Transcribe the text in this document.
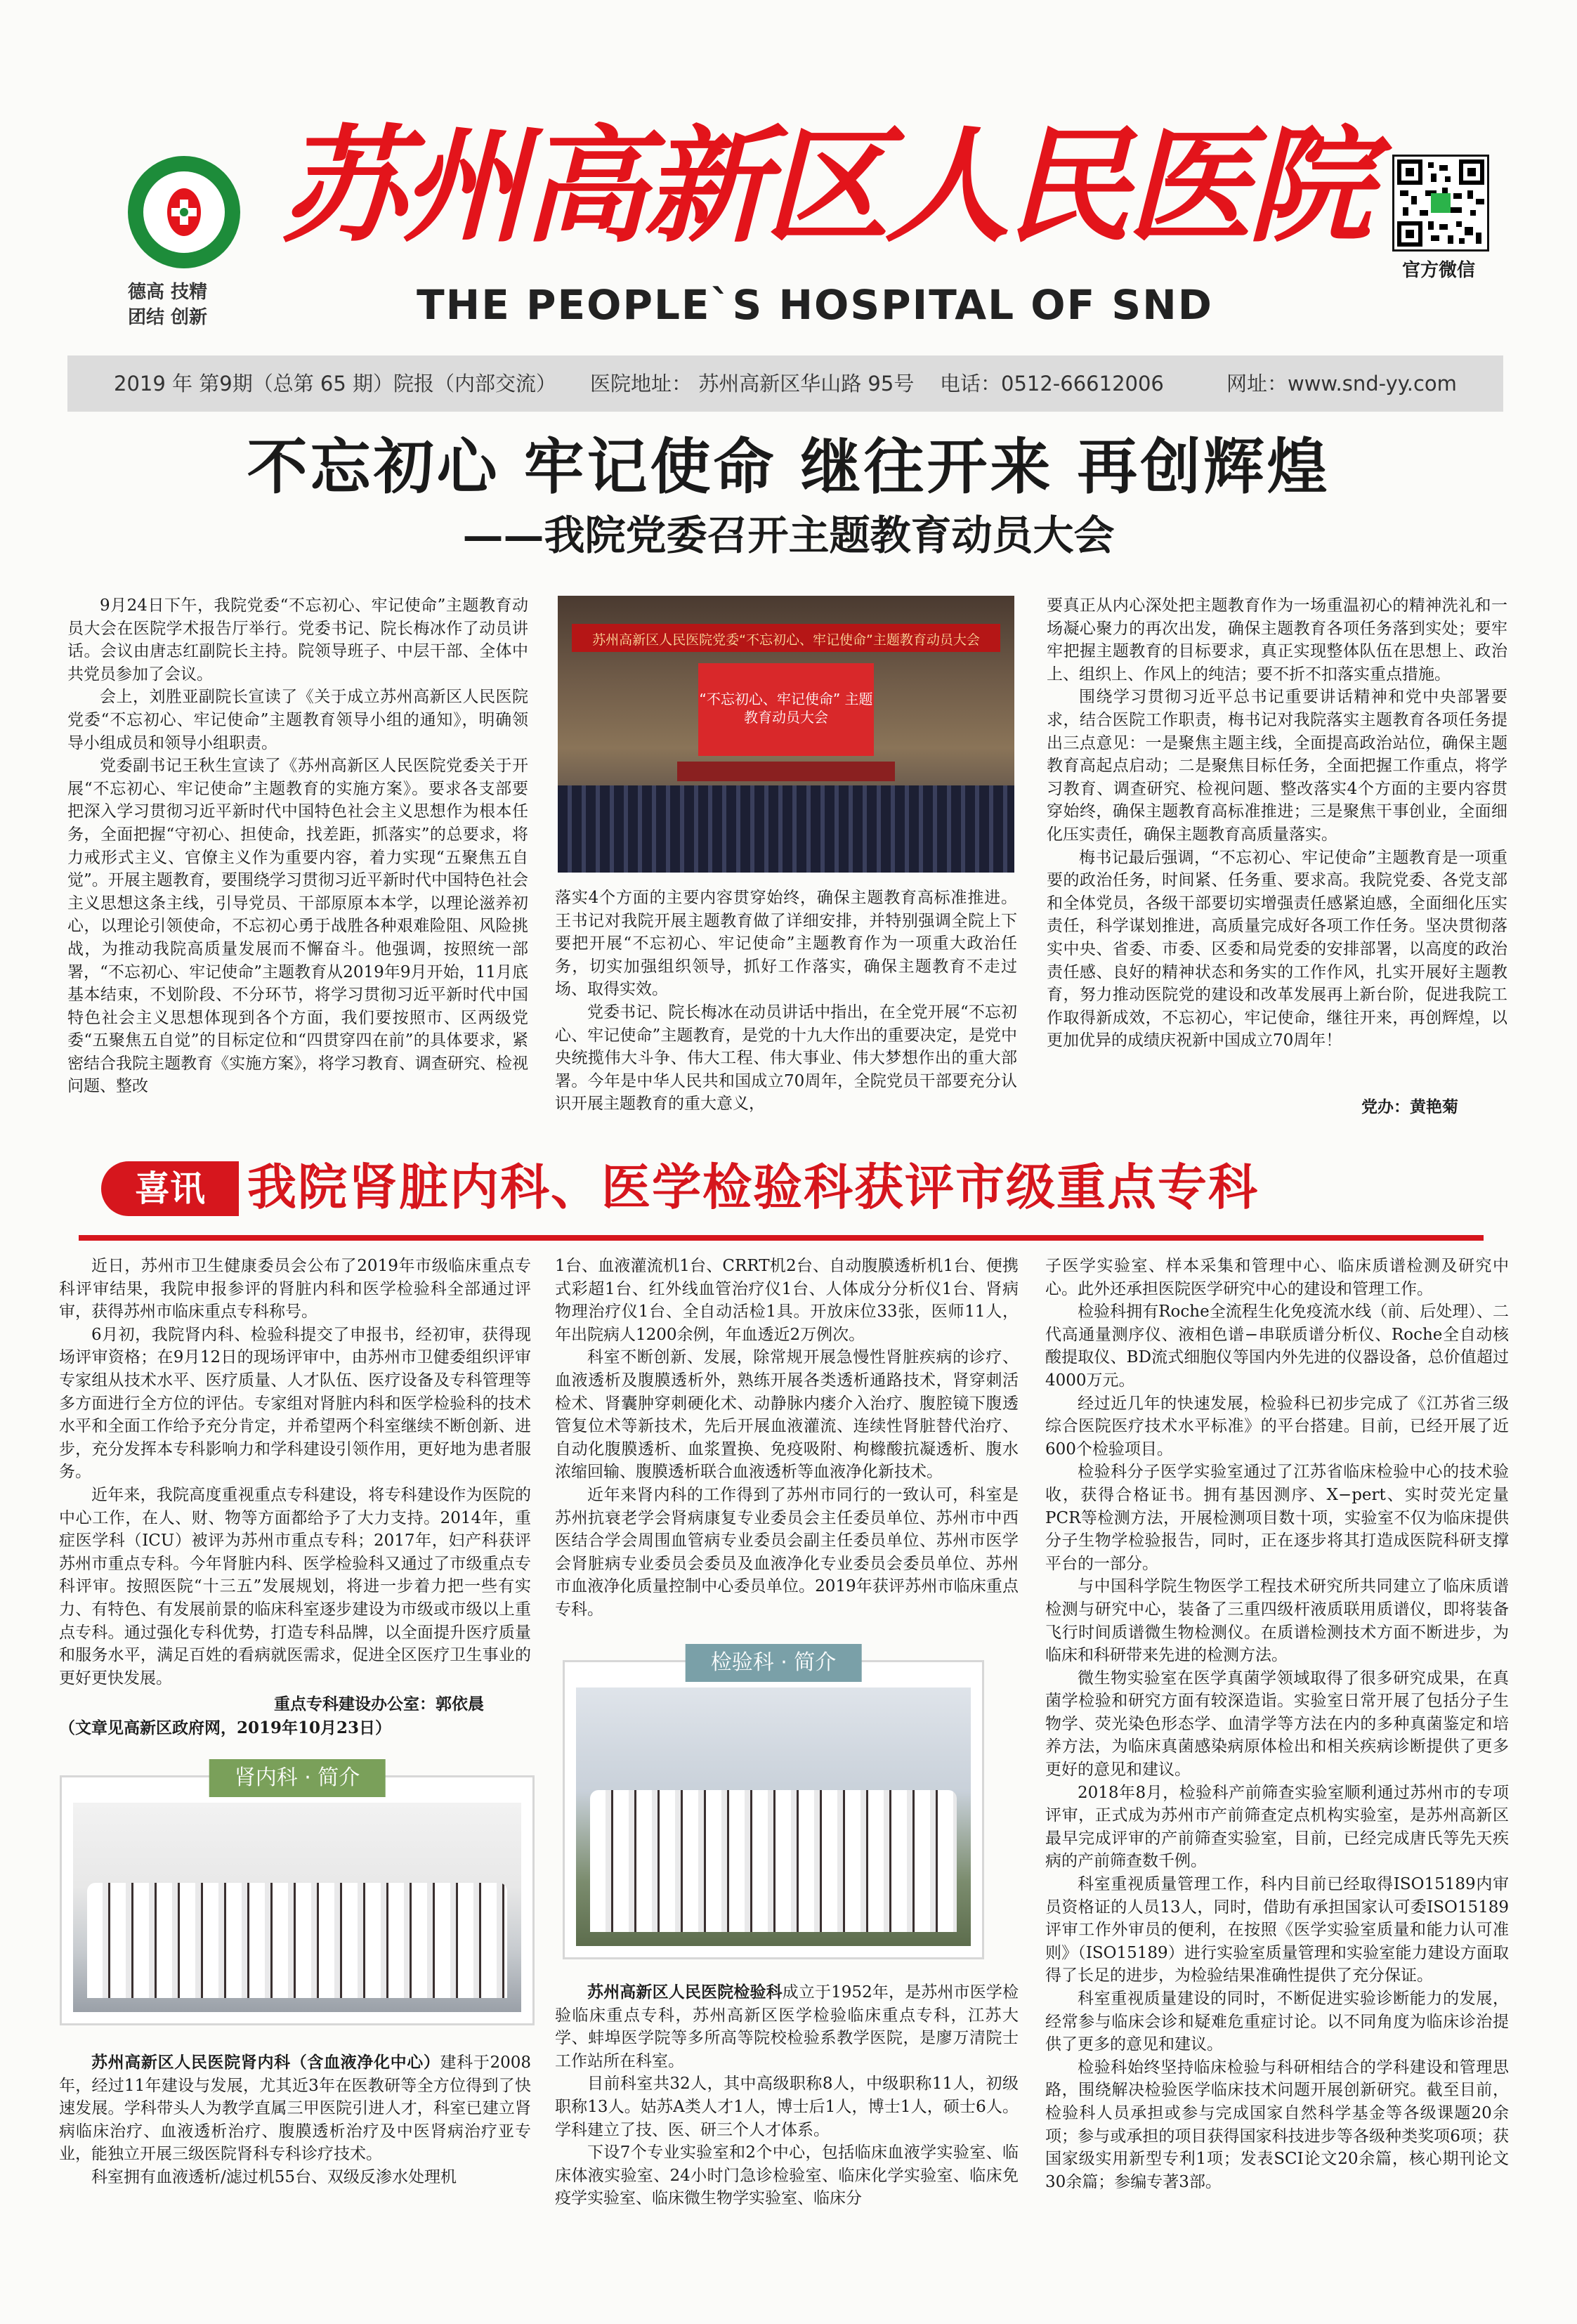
德高 技精
团结 创新
苏州高新区人民医院
THE PEOPLE`S HOSPITAL OF SND
官方微信
2019 年 第9期（总第 65 期）院报（内部交流） 医院地址： 苏州高新区华山路 95号 电话：0512-66612006	网址：www.snd-yy.com
不忘初心 牢记使命 继往开来 再创辉煌
——我院党委召开主题教育动员大会

9月24日下午，我院党委“不忘初心、牢记使命”主题教育动员大会在医院学术报告厅举行。党委书记、院长梅冰作了动员讲话。会议由唐志红副院长主持。院领导班子、中层干部、全体中共党员参加了会议。

会上，刘胜亚副院长宣读了《关于成立苏州高新区人民医院党委“不忘初心、牢记使命”主题教育领导小组的通知》，明确领导小组成员和领导小组职责。

党委副书记王秋生宣读了《苏州高新区人民医院党委关于开展“不忘初心、牢记使命”主题教育的实施方案》。要求各支部要把深入学习贯彻习近平新时代中国特色社会主义思想作为根本任务，全面把握“守初心、担使命，找差距，抓落实”的总要求，将力戒形式主义、官僚主义作为重要内容，着力实现“五聚焦五自觉”。开展主题教育，要围绕学习贯彻习近平新时代中国特色社会主义思想这条主线，引导党员、干部原原本本学，以理论滋养初心，以理论引领使命，不忘初心勇于战胜各种艰难险阻、风险挑战，为推动我院高质量发展而不懈奋斗。他强调，按照统一部署，“不忘初心、牢记使命”主题教育从2019年9月开始，11月底基本结束，不划阶段、不分环节，将学习贯彻习近平新时代中国特色社会主义思想体现到各个方面，我们要按照市、区两级党委“五聚焦五自觉”的目标定位和“四贯穿四在前”的具体要求，紧密结合我院主题教育《实施方案》，将学习教育、调查研究、检视问题、整改

苏州高新区人民医院党委“不忘初心、牢记使命”主题教育动员大会
“不忘初心、牢记使命” 主题教育动员大会

落实4个方面的主要内容贯穿始终，确保主题教育高标准推进。王书记对我院开展主题教育做了详细安排，并特别强调全院上下要把开展“不忘初心、牢记使命”主题教育作为一项重大政治任务，切实加强组织领导，抓好工作落实，确保主题教育不走过场、取得实效。

党委书记、院长梅冰在动员讲话中指出，在全党开展“不忘初心、牢记使命”主题教育，是党的十九大作出的重要决定，是党中央统揽伟大斗争、伟大工程、伟大事业、伟大梦想作出的重大部署。今年是中华人民共和国成立70周年，全院党员干部要充分认识开展主题教育的重大意义，

要真正从内心深处把主题教育作为一场重温初心的精神洗礼和一场凝心聚力的再次出发，确保主题教育各项任务落到实处；要牢牢把握主题教育的目标要求，真正实现整体队伍在思想上、政治上、组织上、作风上的纯洁；要不折不扣落实重点措施。

围绕学习贯彻习近平总书记重要讲话精神和党中央部署要求，结合医院工作职责，梅书记对我院落实主题教育各项任务提出三点意见：一是聚焦主题主线，全面提高政治站位，确保主题教育高起点启动；二是聚焦目标任务，全面把握工作重点，将学习教育、调查研究、检视问题、整改落实4个方面的主要内容贯穿始终，确保主题教育高标准推进；三是聚焦干事创业，全面细化压实责任，确保主题教育高质量落实。

梅书记最后强调，“不忘初心、牢记使命”主题教育是一项重要的政治任务，时间紧、任务重、要求高。我院党委、各党支部和全体党员，各级干部要切实增强责任感紧迫感，全面细化压实责任，科学谋划推进，高质量完成好各项工作任务。坚决贯彻落实中央、省委、市委、区委和局党委的安排部署，以高度的政治责任感、良好的精神状态和务实的工作作风，扎实开展好主题教育，努力推动医院党的建设和改革发展再上新台阶，促进我院工作取得新成效，不忘初心，牢记使命，继往开来，再创辉煌，以更加优异的成绩庆祝新中国成立70周年！

党办：黄艳菊
喜讯 我院肾脏内科、医学检验科获评市级重点专科

近日，苏州市卫生健康委员会公布了2019年市级临床重点专科评审结果，我院申报参评的肾脏内科和医学检验科全部通过评审，获得苏州市临床重点专科称号。

6月初，我院肾内科、检验科提交了申报书，经初审，获得现场评审资格；在9月12日的现场评审中，由苏州市卫健委组织评审专家组从技术水平、医疗质量、人才队伍、医疗设备及专科管理等多方面进行全方位的评估。专家组对肾脏内科和医学检验科的技术水平和全面工作给予充分肯定，并希望两个科室继续不断创新、进步，充分发挥本专科影响力和学科建设引领作用，更好地为患者服务。

近年来，我院高度重视重点专科建设，将专科建设作为医院的中心工作，在人、财、物等方面都给予了大力支持。2014年，重症医学科（ICU）被评为苏州市重点专科；2017年，妇产科获评苏州市重点专科。今年肾脏内科、医学检验科又通过了市级重点专科评审。按照医院“十三五”发展规划，将进一步着力把一些有实力、有特色、有发展前景的临床科室逐步建设为市级或市级以上重点专科。通过强化专科优势，打造专科品牌，以全面提升医疗质量和服务水平，满足百姓的看病就医需求，促进全区医疗卫生事业的更好更快发展。

重点专科建设办公室：郭依晨
（文章见高新区政府网，2019年10月23日）
肾内科 · 简介

苏州高新区人民医院肾内科（含血液净化中心）建科于2008年，经过11年建设与发展，尤其近3年在医教研等全方位得到了快速发展。学科带头人为教学直属三甲医院引进人才，科室已建立肾病临床治疗、血液透析治疗、腹膜透析治疗及中医肾病治疗亚专业，能独立开展三级医院肾科专科诊疗技术。

科室拥有血液透析/滤过机55台、双级反渗水处理机

1台、血液灌流机1台、CRRT机2台、自动腹膜透析机1台、便携式彩超1台、红外线血管治疗仪1台、人体成分分析仪1台、肾病物理治疗仪1台、全自动活检1具。开放床位33张，医师11人，年出院病人1200余例，年血透近2万例次。

科室不断创新、发展，除常规开展急慢性肾脏疾病的诊疗、血液透析及腹膜透析外，熟练开展各类透析通路技术，肾穿刺活检术、肾囊肿穿刺硬化术、动静脉内瘘介入治疗、腹腔镜下腹透管复位术等新技术，先后开展血液灌流、连续性肾脏替代治疗、自动化腹膜透析、血浆置换、免疫吸附、枸橼酸抗凝透析、腹水浓缩回输、腹膜透析联合血液透析等血液净化新技术。

近年来肾内科的工作得到了苏州市同行的一致认可，科室是苏州抗衰老学会肾病康复专业委员会主任委员单位、苏州市中西医结合学会周围血管病专业委员会副主任委员单位、苏州市医学会肾脏病专业委员会委员及血液净化专业委员会委员单位、苏州市血液净化质量控制中心委员单位。2019年获评苏州市临床重点专科。

检验科 · 简介

苏州高新区人民医院检验科成立于1952年，是苏州市医学检验临床重点专科，苏州高新区医学检验临床重点专科，江苏大学、蚌埠医学院等多所高等院校检验系教学医院，是廖万清院士工作站所在科室。

目前科室共32人，其中高级职称8人，中级职称11人，初级职称13人。姑苏A类人才1人，博士后1人，博士1人，硕士6人。学科建立了技、医、研三个人才体系。

下设7个专业实验室和2个中心，包括临床血液学实验室、临床体液实验室、24小时门急诊检验室、临床化学实验室、临床免疫学实验室、临床微生物学实验室、临床分

子医学实验室、样本采集和管理中心、临床质谱检测及研究中心。此外还承担医院医学研究中心的建设和管理工作。

检验科拥有Roche全流程生化免疫流水线（前、后处理）、二代高通量测序仪、液相色谱−串联质谱分析仪、Roche全自动核酸提取仪、BD流式细胞仪等国内外先进的仪器设备，总价值超过4000万元。

经过近几年的快速发展，检验科已初步完成了《江苏省三级综合医院医疗技术水平标准》的平台搭建。目前，已经开展了近600个检验项目。

检验科分子医学实验室通过了江苏省临床检验中心的技术验收，获得合格证书。拥有基因测序、X−pert、实时荧光定量PCR等检测方法，开展检测项目数十项，实验室不仅为临床提供分子生物学检验报告，同时，正在逐步将其打造成医院科研支撑平台的一部分。

与中国科学院生物医学工程技术研究所共同建立了临床质谱检测与研究中心，装备了三重四级杆液质联用质谱仪，即将装备飞行时间质谱微生物检测仪。在质谱检测技术方面不断进步，为临床和科研带来先进的检测方法。

微生物实验室在医学真菌学领域取得了很多研究成果，在真菌学检验和研究方面有较深造诣。实验室日常开展了包括分子生物学、荧光染色形态学、血清学等方法在内的多种真菌鉴定和培养方法，为临床真菌感染病原体检出和相关疾病诊断提供了更多更好的意见和建议。

2018年8月，检验科产前筛查实验室顺利通过苏州市的专项评审，正式成为苏州市产前筛查定点机构实验室，是苏州高新区最早完成评审的产前筛查实验室，目前，已经完成唐氏等先天疾病的产前筛查数千例。

科室重视质量管理工作，科内目前已经取得ISO15189内审员资格证的人员13人，同时，借助有承担国家认可委ISO15189评审工作外审员的便利，在按照《医学实验室质量和能力认可准则》（ISO15189）进行实验室质量管理和实验室能力建设方面取得了长足的进步，为检验结果准确性提供了充分保证。

科室重视质量建设的同时，不断促进实验诊断能力的发展，经常参与临床会诊和疑难危重症讨论。以不同角度为临床诊治提供了更多的意见和建议。

检验科始终坚持临床检验与科研相结合的学科建设和管理思路，围绕解决检验医学临床技术问题开展创新研究。截至目前，检验科人员承担或参与完成国家自然科学基金等各级课题20余项；参与或承担的项目获得国家科技进步等各级种类奖项6项；获国家级实用新型专利1项；发表SCI论文20余篇，核心期刊论文30余篇；参编专著3部。
